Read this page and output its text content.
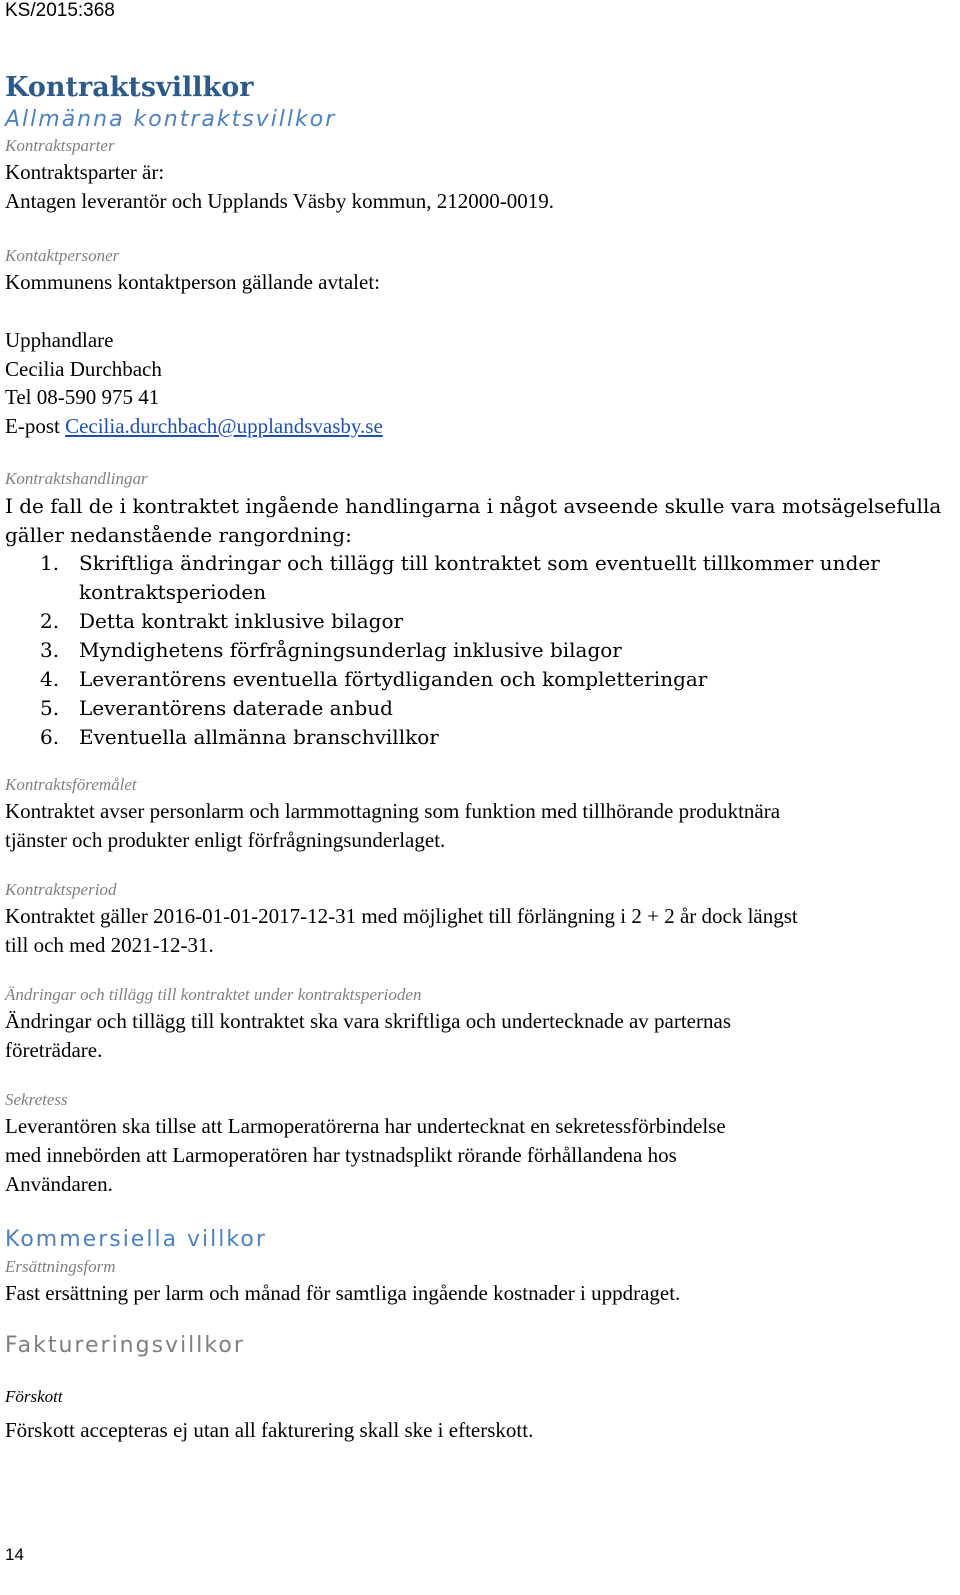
KS/2015:368
Kontraktsvillkor
Allmänna kontraktsvillkor
Kontraktsparter
Kontraktsparter är:
Antagen leverantör och Upplands Väsby kommun, 212000-0019.
Kontaktpersoner
Kommunens kontaktperson gällande avtalet:
Upphandlare
Cecilia Durchbach
Tel 08-590 975 41
E-post Cecilia.durchbach@upplandsvasby.se
Kontraktshandlingar
I de fall de i kontraktet ingående handlingarna i något avseende skulle vara motsägelsefulla
gäller nedanstående rangordning:
1. Skriftliga ändringar och tillägg till kontraktet som eventuellt tillkommer under
kontraktsperioden
2. Detta kontrakt inklusive bilagor
3. Myndighetens förfrågningsunderlag inklusive bilagor
4. Leverantörens eventuella förtydliganden och kompletteringar
5. Leverantörens daterade anbud
6. Eventuella allmänna branschvillkor
Kontraktsföremålet
Kontraktet avser personlarm och larmmottagning som funktion med tillhörande produktnära
tjänster och produkter enligt förfrågningsunderlaget.
Kontraktsperiod
Kontraktet gäller 2016-01-01-2017-12-31 med möjlighet till förlängning i 2 + 2 år dock längst
till och med 2021-12-31.
Ändringar och tillägg till kontraktet under kontraktsperioden
Ändringar och tillägg till kontraktet ska vara skriftliga och undertecknade av parternas
företrädare.
Sekretess
Leverantören ska tillse att Larmoperatörerna har undertecknat en sekretessförbindelse
med innebörden att Larmoperatören har tystnadsplikt rörande förhållandena hos
Användaren.
Kommersiella villkor
Ersättningsform
Fast ersättning per larm och månad för samtliga ingående kostnader i uppdraget.
Faktureringsvillkor
Förskott
Förskott accepteras ej utan all fakturering skall ske i efterskott.
14
